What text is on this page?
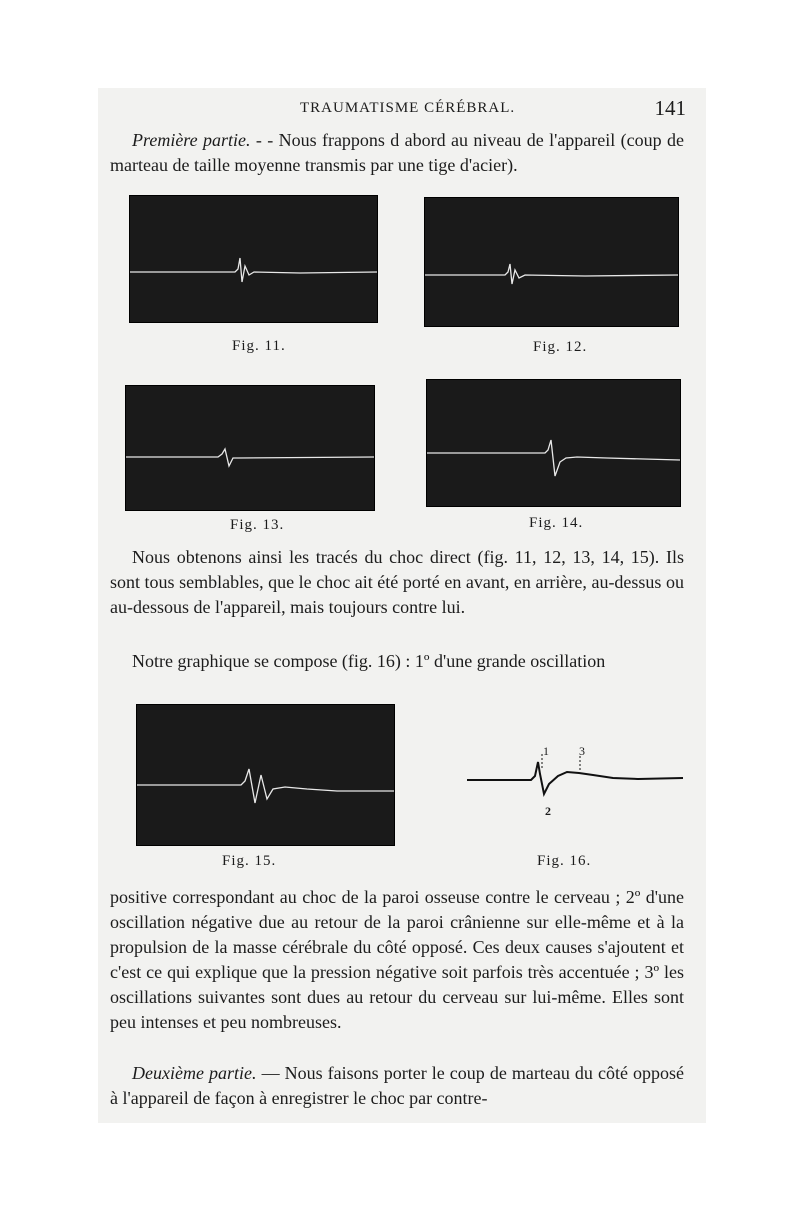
TRAUMATISME CÉRÉBRAL.	141

Première partie. - - Nous frappons d abord au niveau de l'appareil (coup de marteau de taille moyenne transmis par une tige d'acier).

Fig. 11.	Fig. 12.
Fig. 13.	Fig. 14.

Nous obtenons ainsi les tracés du choc direct (fig. 11, 12, 13, 14, 15). Ils sont tous semblables, que le choc ait été porté en avant, en arrière, au-dessus ou au-dessous de l'appareil, mais toujours contre lui.

Notre graphique se compose (fig. 16) : 1º d'une grande oscillation

Fig. 15.
1
2
3
Fig. 16.

positive correspondant au choc de la paroi osseuse contre le cerveau ; 2º d'une oscillation négative due au retour de la paroi crânienne sur elle-même et à la propulsion de la masse cérébrale du côté opposé. Ces deux causes s'ajoutent et c'est ce qui explique que la pression négative soit parfois très accentuée ; 3º les oscillations suivantes sont dues au retour du cerveau sur lui-même. Elles sont peu intenses et peu nombreuses.

Deuxième partie. — Nous faisons porter le coup de marteau du côté opposé à l'appareil de façon à enregistrer le choc par contre-
